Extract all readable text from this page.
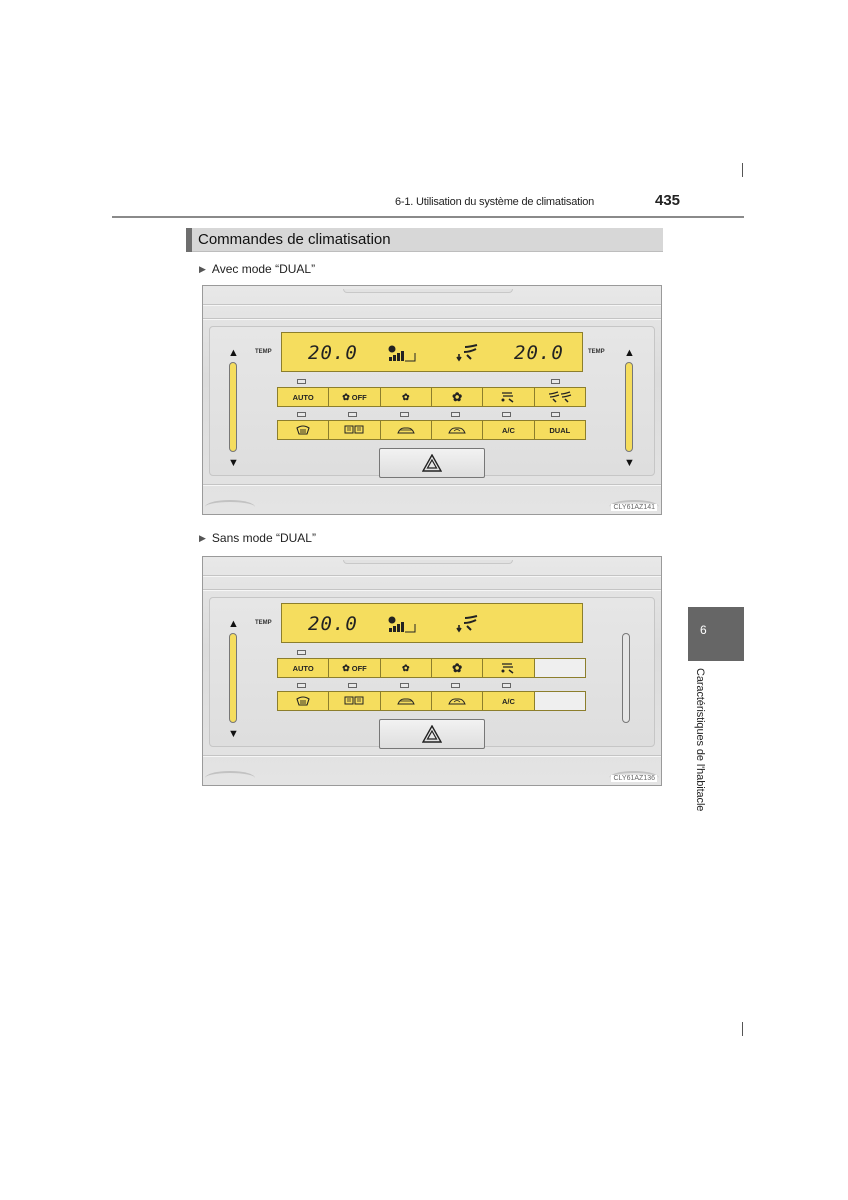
6-1. Utilisation du système de climatisation	435
Commandes de climatisation
▶ Avec mode “DUAL”
TEMP	TEMP
▲
▼
▲
▼
20.0	20.0
AUTO	✿ OFF	✿	✿
A/C	DUAL
CLY61AZ141
▶ Sans mode “DUAL”
TEMP
▲
▼
20.0
AUTO	✿ OFF	✿	✿
A/C
CLY61AZ136
6
Caractéristiques de l'habitacle
